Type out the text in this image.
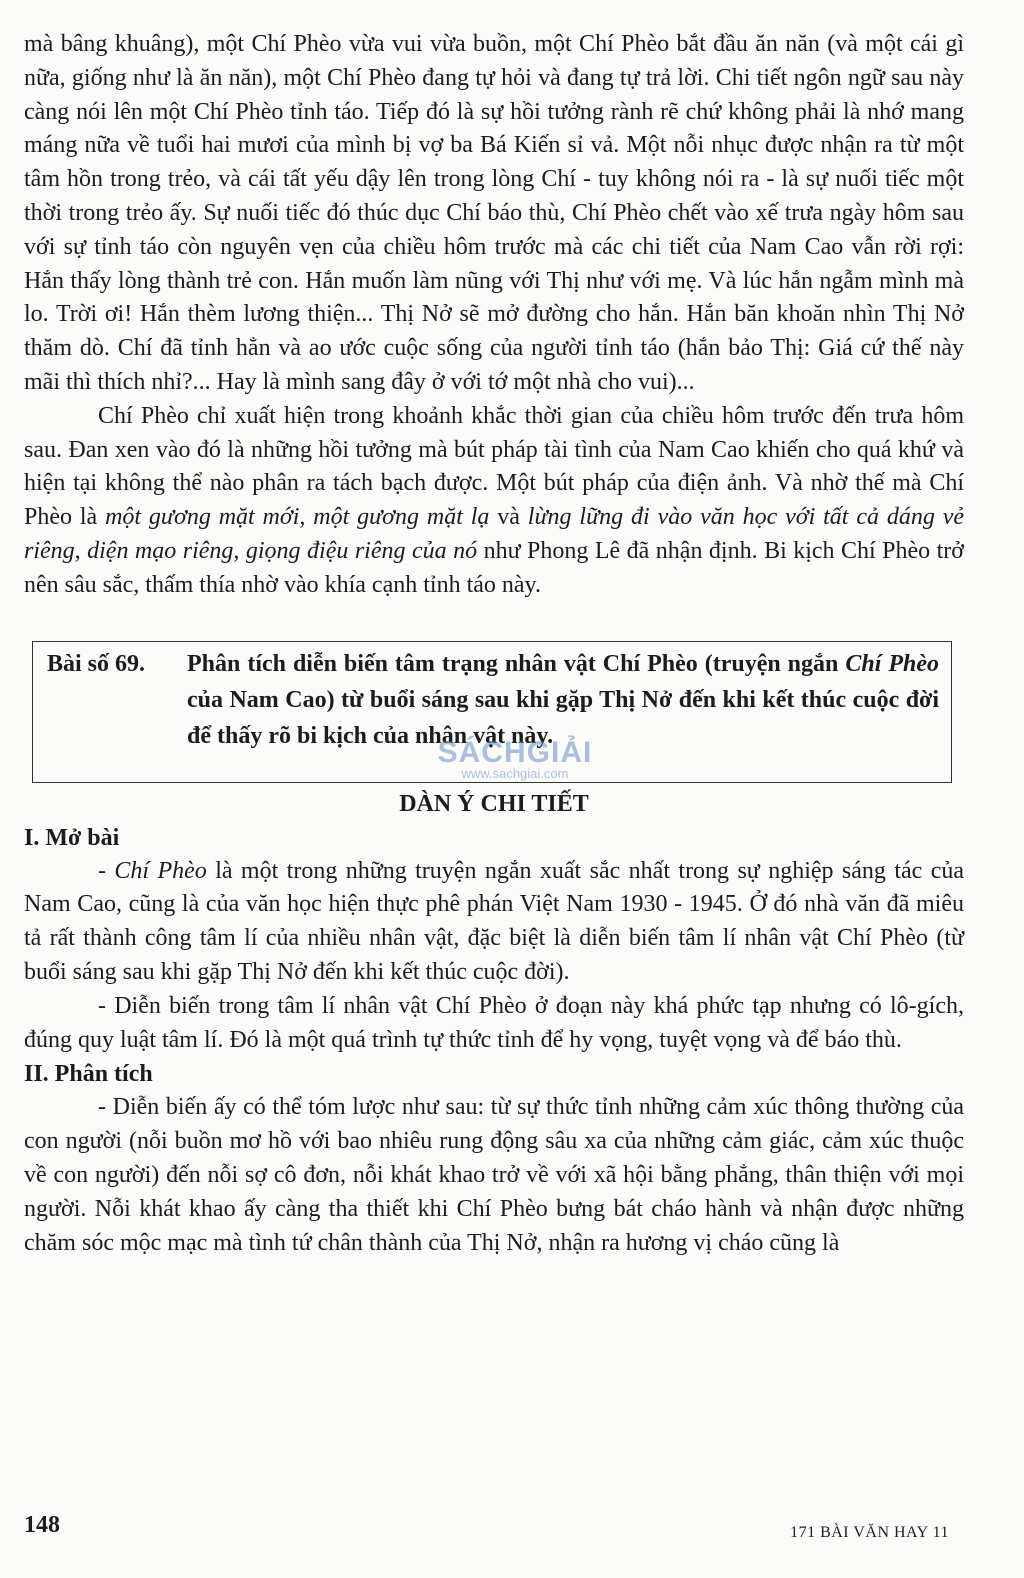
mà bâng khuâng), một Chí Phèo vừa vui vừa buồn, một Chí Phèo bắt đầu ăn năn (và một cái gì nữa, giống như là ăn năn), một Chí Phèo đang tự hỏi và đang tự trả lời. Chi tiết ngôn ngữ sau này càng nói lên một Chí Phèo tỉnh táo. Tiếp đó là sự hồi tưởng rành rẽ chứ không phải là nhớ mang máng nữa về tuổi hai mươi của mình bị vợ ba Bá Kiến sỉ vả. Một nỗi nhục được nhận ra từ một tâm hồn trong trẻo, và cái tất yếu dậy lên trong lòng Chí - tuy không nói ra - là sự nuối tiếc một thời trong trẻo ấy. Sự nuối tiếc đó thúc dục Chí báo thù, Chí Phèo chết vào xế trưa ngày hôm sau với sự tỉnh táo còn nguyên vẹn của chiều hôm trước mà các chi tiết của Nam Cao vẫn rời rợi: Hắn thấy lòng thành trẻ con. Hắn muốn làm nũng với Thị như với mẹ. Và lúc hắn ngẫm mình mà lo. Trời ơi! Hắn thèm lương thiện... Thị Nở sẽ mở đường cho hắn. Hắn băn khoăn nhìn Thị Nở thăm dò. Chí đã tỉnh hẳn và ao ước cuộc sống của người tỉnh táo (hắn bảo Thị: Giá cứ thế này mãi thì thích nhỉ?... Hay là mình sang đây ở với tớ một nhà cho vui)...

Chí Phèo chỉ xuất hiện trong khoảnh khắc thời gian của chiều hôm trước đến trưa hôm sau. Đan xen vào đó là những hồi tưởng mà bút pháp tài tình của Nam Cao khiến cho quá khứ và hiện tại không thể nào phân ra tách bạch được. Một bút pháp của điện ảnh. Và nhờ thế mà Chí Phèo là một gương mặt mới, một gương mặt lạ và lừng lững đi vào văn học với tất cả dáng vẻ riêng, diện mạo riêng, giọng điệu riêng của nó như Phong Lê đã nhận định. Bi kịch Chí Phèo trở nên sâu sắc, thấm thía nhờ vào khía cạnh tỉnh táo này.

Bài số 69.	Phân tích diễn biến tâm trạng nhân vật Chí Phèo (truyện ngắn Chí Phèo của Nam Cao) từ buổi sáng sau khi gặp Thị Nở đến khi kết thúc cuộc đời để thấy rõ bi kịch của nhân vật này.
DÀN Ý CHI TIẾT
I. Mở bài

- Chí Phèo là một trong những truyện ngắn xuất sắc nhất trong sự nghiệp sáng tác của Nam Cao, cũng là của văn học hiện thực phê phán Việt Nam 1930 - 1945. Ở đó nhà văn đã miêu tả rất thành công tâm lí của nhiều nhân vật, đặc biệt là diễn biến tâm lí nhân vật Chí Phèo (từ buổi sáng sau khi gặp Thị Nở đến khi kết thúc cuộc đời).

- Diễn biến trong tâm lí nhân vật Chí Phèo ở đoạn này khá phức tạp nhưng có lô-gích, đúng quy luật tâm lí. Đó là một quá trình tự thức tỉnh để hy vọng, tuyệt vọng và để báo thù.

II. Phân tích

- Diễn biến ấy có thể tóm lược như sau: từ sự thức tỉnh những cảm xúc thông thường của con người (nỗi buồn mơ hồ với bao nhiêu rung động sâu xa của những cảm giác, cảm xúc thuộc về con người) đến nỗi sợ cô đơn, nỗi khát khao trở về với xã hội bằng phẳng, thân thiện với mọi người. Nỗi khát khao ấy càng tha thiết khi Chí Phèo bưng bát cháo hành và nhận được những chăm sóc mộc mạc mà tình tứ chân thành của Thị Nở, nhận ra hương vị cháo cũng là

SÁCHGIẢI
www.sachgiai.com
148	171 BÀI VĂN HAY 11
